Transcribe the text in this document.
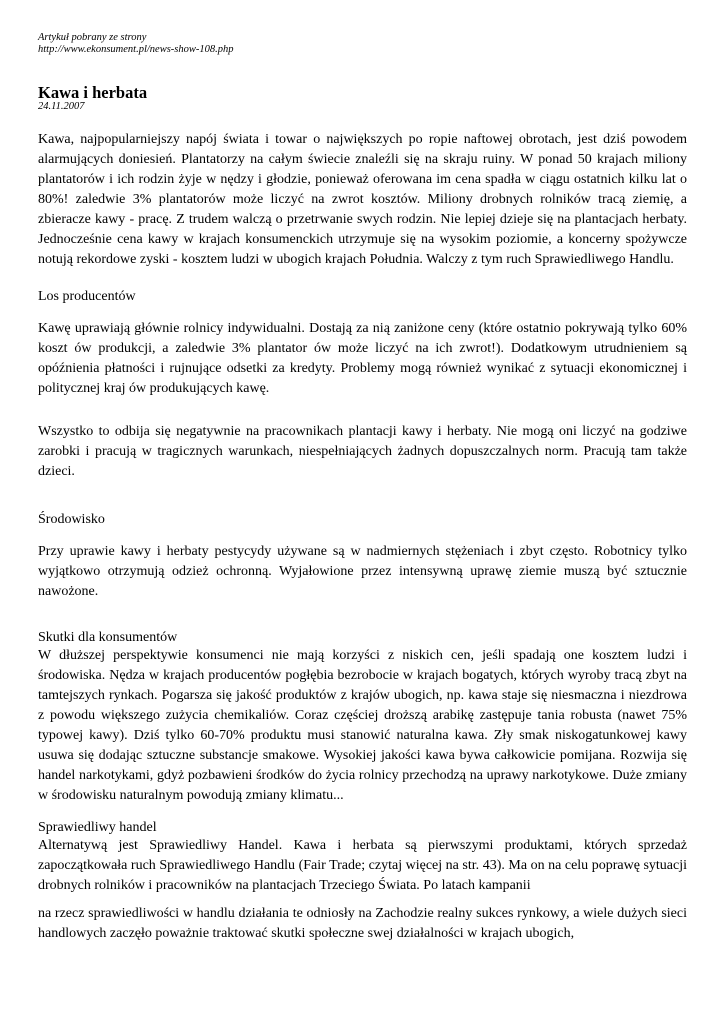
Artykuł pobrany ze strony
http://www.ekonsument.pl/news-show-108.php
Kawa i herbata
24.11.2007

Kawa, najpopularniejszy napój świata i towar o największych po ropie naftowej obrotach, jest dziś powodem alarmujących doniesień. Plantatorzy na całym świecie znaleźli się na skraju ruiny. W ponad 50 krajach miliony plantatorów i ich rodzin żyje w nędzy i głodzie, ponieważ oferowana im cena spadła w ciągu ostatnich kilku lat o 80%! zaledwie 3% plantatorów może liczyć na zwrot kosztów. Miliony drobnych rolników tracą ziemię, a zbieracze kawy - pracę. Z trudem walczą o przetrwanie swych rodzin. Nie lepiej dzieje się na plantacjach herbaty. Jednocześnie cena kawy w krajach konsumenckich utrzymuje się na wysokim poziomie, a koncerny spożywcze notują rekordowe zyski - kosztem ludzi w ubogich krajach Południa. Walczy z tym ruch Sprawiedliwego Handlu.

Los producentów

Kawę uprawiają głównie rolnicy indywidualni. Dostają za nią zaniżone ceny (które ostatnio pokrywają tylko 60% koszt ów produkcji, a zaledwie 3% plantator ów może liczyć na ich zwrot!). Dodatkowym utrudnieniem są opóźnienia płatności i rujnujące odsetki za kredyty. Problemy mogą również wynikać z sytuacji ekonomicznej i politycznej kraj ów produkujących kawę.

Wszystko to odbija się negatywnie na pracownikach plantacji kawy i herbaty. Nie mogą oni liczyć na godziwe zarobki i pracują w tragicznych warunkach, niespełniających żadnych dopuszczalnych norm. Pracują tam także dzieci.

Środowisko

Przy uprawie kawy i herbaty pestycydy używane są w nadmiernych stężeniach i zbyt często. Robotnicy tylko wyjątkowo otrzymują odzież ochronną. Wyjałowione przez intensywną uprawę ziemie muszą być sztucznie nawożone.

Skutki dla konsumentów

W dłuższej perspektywie konsumenci nie mają korzyści z niskich cen, jeśli spadają one kosztem ludzi i środowiska. Nędza w krajach producentów pogłębia bezrobocie w krajach bogatych, których wyroby tracą zbyt na tamtejszych rynkach. Pogarsza się jakość produktów z krajów ubogich, np. kawa staje się niesmaczna i niezdrowa z powodu większego zużycia chemikaliów. Coraz częściej droższą arabikę zastępuje tania robusta (nawet 75% typowej kawy). Dziś tylko 60-70% produktu musi stanowić naturalna kawa. Zły smak niskogatunkowej kawy usuwa się dodając sztuczne substancje smakowe. Wysokiej jakości kawa bywa całkowicie pomijana. Rozwija się handel narkotykami, gdyż pozbawieni środków do życia rolnicy przechodzą na uprawy narkotykowe. Duże zmiany w środowisku naturalnym powodują zmiany klimatu...

Sprawiedliwy handel

Alternatywą jest Sprawiedliwy Handel. Kawa i herbata są pierwszymi produktami, których sprzedaż zapoczątkowała ruch Sprawiedliwego Handlu (Fair Trade; czytaj więcej na str. 43). Ma on na celu poprawę sytuacji drobnych rolników i pracowników na plantacjach Trzeciego Świata. Po latach kampanii

na rzecz sprawiedliwości w handlu działania te odniosły na Zachodzie realny sukces rynkowy, a wiele dużych sieci handlowych zaczęło poważnie traktować skutki społeczne swej działalności w krajach ubogich,
